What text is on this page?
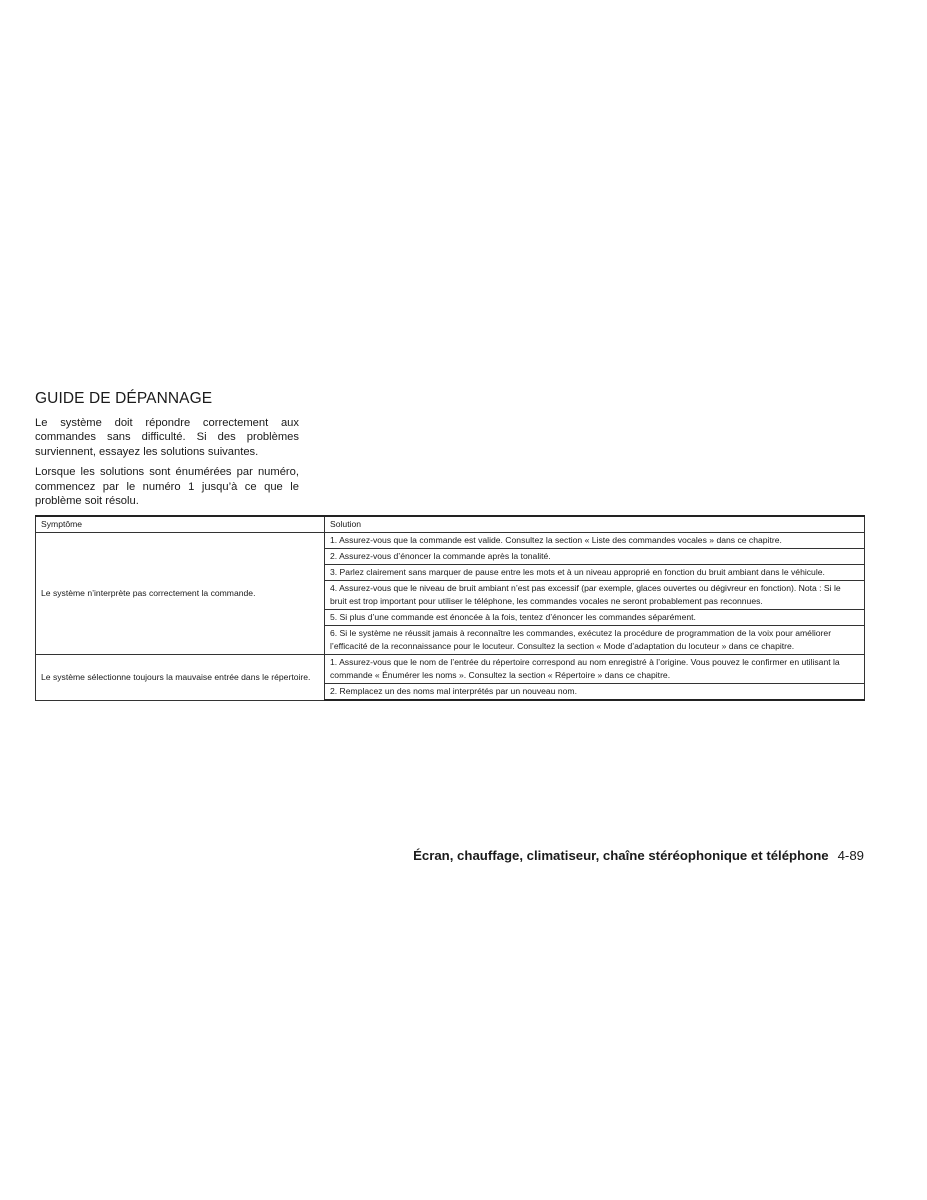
GUIDE DE DÉPANNAGE

Le système doit répondre correctement aux commandes sans difficulté. Si des problèmes surviennent, essayez les solutions suivantes.

Lorsque les solutions sont énumérées par numéro, commencez par le numéro 1 jusqu’à ce que le problème soit résolu.

Symptôme	Solution
Le système n’interprète pas correctement la commande.	1. Assurez-vous que la commande est valide. Consultez la section « Liste des commandes vocales » dans ce chapitre.
	2. Assurez-vous d’énoncer la commande après la tonalité.
	3. Parlez clairement sans marquer de pause entre les mots et à un niveau approprié en fonction du bruit ambiant dans le véhicule.
	4. Assurez-vous que le niveau de bruit ambiant n’est pas excessif (par exemple, glaces ouvertes ou dégivreur en fonction). Nota : Si le bruit est trop important pour utiliser le téléphone, les commandes vocales ne seront probablement pas reconnues.
	5. Si plus d’une commande est énoncée à la fois, tentez d’énoncer les commandes séparément.
	6. Si le système ne réussit jamais à reconnaître les commandes, exécutez la procédure de programmation de la voix pour améliorer l’efficacité de la reconnaissance pour le locuteur. Consultez la section « Mode d’adaptation du locuteur » dans ce chapitre.
Le système sélectionne toujours la mauvaise entrée dans le répertoire.	1. Assurez-vous que le nom de l’entrée du répertoire correspond au nom enregistré à l’origine. Vous pouvez le confirmer en utilisant la commande « Énumérer les noms ». Consultez la section « Répertoire » dans ce chapitre.
	2. Remplacez un des noms mal interprétés par un nouveau nom.
Écran, chauffage, climatiseur, chaîne stéréophonique et téléphone 4-89
